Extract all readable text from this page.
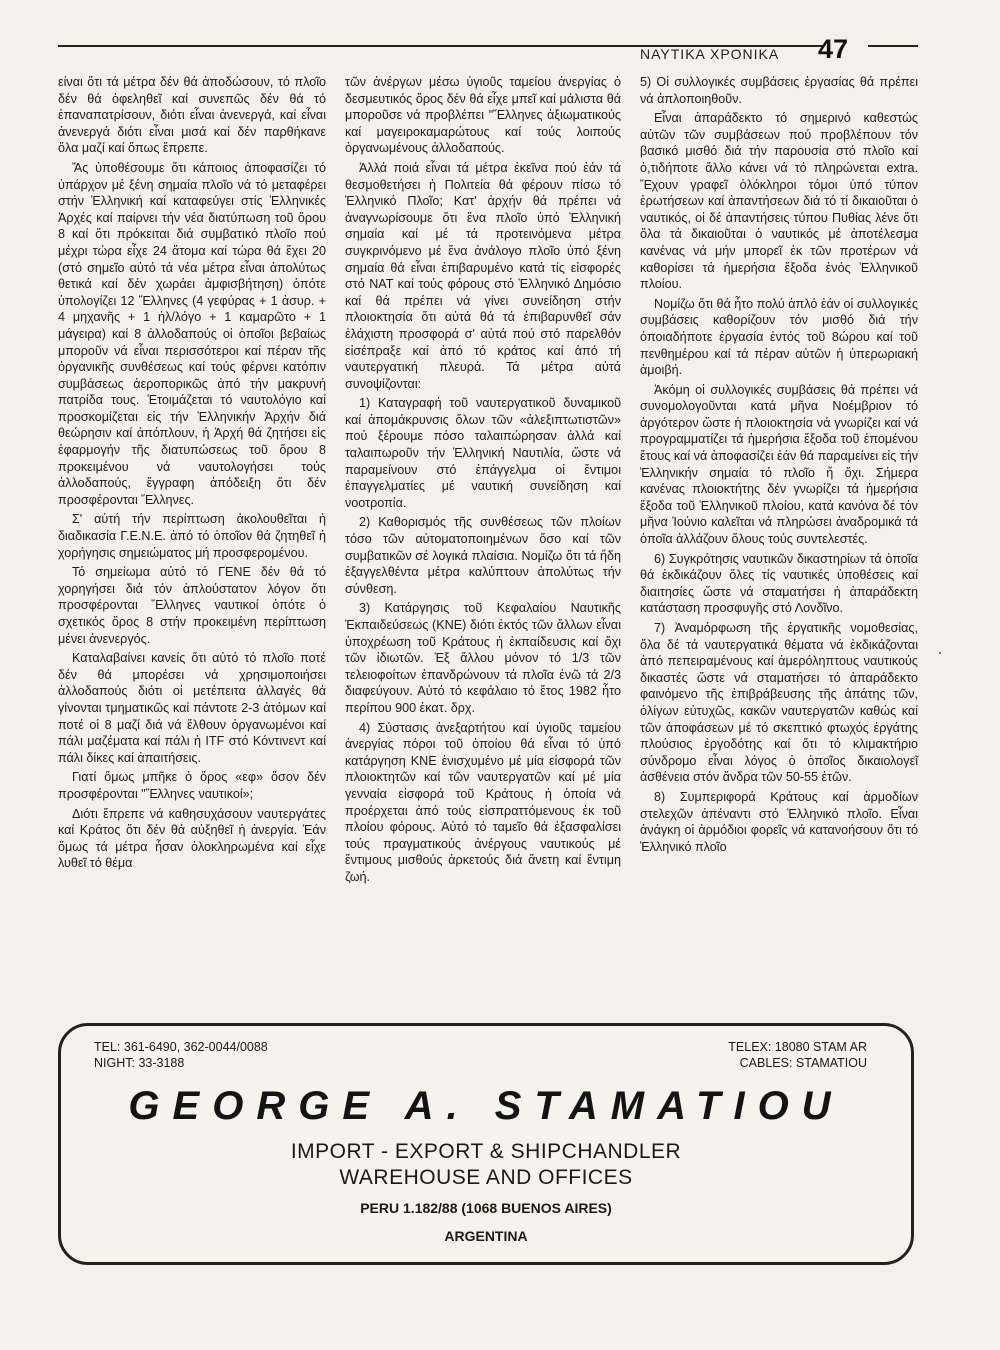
ΝΑΥΤΙΚΑ ΧΡΟΝΙΚΑ 47

είναι ὅτι τά μέτρα δέν θά ἀποδώσουν, τό πλοῖο δέν θά ὀφεληθεῖ καί συνεπῶς δέν θά τό ἐπαναπατρίσουν, διότι εἶναι ἀνενεργά, καί εἶναι ἀνενεργά διότι εἶναι μισά καί δέν παρθήκανε ὅλα μαζί καί ὅπως ἔπρεπε.

Ἄς ὑποθέσουμε ὅτι κάποιος ἀποφασίζει τό ὑπάρχον μέ ξένη σημαία πλοῖο νά τό μεταφέρει στήν Ἑλληνική καί καταφεύγει στίς Ἑλληνικές Ἀρχές καί παίρνει τήν νέα διατύπωση τοῦ ὅρου 8 καί ὅτι πρόκειται διά συμβατικό πλοῖο πού μέχρι τώρα εἶχε 24 ἄτομα καί τώρα θά ἔχει 20 (στό σημεῖο αὐτό τά νέα μέτρα εἶναι ἀπολύτως θετικά καί δέν χωράει ἀμφισβήτηση) ὁπότε ὑπολογίζει 12 Ἕλληνες (4 γεφύρας + 1 ἀσυρ. + 4 μηχανῆς + 1 ἠλ/λόγο + 1 καμαρῶτο + 1 μάγειρα) καί 8 ἀλλοδαπούς οἱ ὁποῖοι βεβαίως μποροῦν νά εἶναι περισσότεροι καί πέραν τῆς ὀργανικῆς συνθέσεως καί τούς φέρνει κατόπιν συμβάσεως ἀεροπορικῶς ἀπό τήν μακρυνή πατρίδα τους. Ἑτοιμάζεται τό ναυτολόγιο καί προσκομίζεται εἰς τήν Ἑλληνικήν Ἀρχήν διά θεώρησιν καί ἀπόπλουν, ἡ Ἀρχή θά ζητήσει εἰς ἐφαρμογήν τῆς διατυπώσεως τοῦ ὅρου 8 προκειμένου νά ναυτολογήσει τούς ἀλλοδαπούς, ἔγγραφη ἀπόδειξη ὅτι δέν προσφέρονται Ἕλληνες.

Σ' αὐτή τήν περίπτωση ἀκολουθεῖται ἡ διαδικασία Γ.Ε.Ν.Ε. ἀπό τό ὁποῖον θά ζητηθεῖ ἡ χορήγησις σημειώματος μή προσφερομένου.

Τό σημείωμα αὐτό τό ΓΕΝΕ δέν θά τό χορηγήσει διά τόν ἁπλούστατον λόγον ὅτι προσφέρονται Ἕλληνες ναυτικοί ὁπότε ὁ σχετικός ὅρος 8 στήν προκειμένη περίπτωση μένει ἀνενεργός.

Καταλαβαίνει κανείς ὅτι αὐτό τό πλοῖο ποτέ δέν θά μπορέσει νά χρησιμοποιήσει ἀλλοδαπούς διότι οἱ μετέπειτα ἀλλαγές θά γίνονται τμηματικῶς καί πάντοτε 2-3 ἀτόμων καί ποτέ οἱ 8 μαζί διά νά ἔλθουν ὀργανωμένοι καί πάλι μαζέματα καί πάλι ἡ ITF στό Κόντινεντ καί πάλι δίκες καί ἀπαιτήσεις.

Γιατί ὅμως μπῆκε ὁ ὅρος «εφ» ὅσον δέν προσφέρονται "Ἕλληνες ναυτικοί»;

Διότι ἔπρεπε νά καθησυχάσουν ναυτεργάτες καί Κράτος ὅτι δέν θά αὐξηθεῖ ἡ ἀνεργία. Ἐάν ὅμως τά μέτρα ἦσαν ὁλοκληρωμένα καί εἶχε λυθεῖ τό θέμα

τῶν ἀνέργων μέσω ὑγιοῦς ταμείου ἀνεργίας ὁ δεσμευτικός ὅρος δέν θά εἶχε μπεῖ καί μάλιστα θά μποροῦσε νά προβλέπει "Ἕλληνες ἀξιωματικούς καί μαγειροκαμαρώτους καί τούς λοιπούς ὀργανωμένους ἀλλοδαπούς.

Ἀλλά ποιά εἶναι τά μέτρα ἐκεῖνα πού ἐάν τά θεσμοθετήσει ἡ Πολιτεία θά φέρουν πίσω τό Ἑλληνικό Πλοῖο; Κατ' ἀρχήν θά πρέπει νά ἀναγνωρίσουμε ὅτι ἕνα πλοῖο ὑπό Ἑλληνική σημαία καί μέ τά προτεινόμενα μέτρα συγκρινόμενο μέ ἕνα ἀνάλογο πλοῖο ὑπό ξένη σημαία θά εἶναι ἐπιβαρυμένο κατά τίς εἰσφορές στό ΝΑΤ καί τούς φόρους στό Ἑλληνικό Δημόσιο καί θά πρέπει νά γίνει συνείδηση στήν πλοιοκτησία ὅτι αὐτά θά τά ἐπιβαρυνθεῖ σάν ἐλάχιστη προσφορά σ' αὐτά πού στό παρελθόν εἰσέπραξε καί ἀπό τό κράτος καί ἀπό τή ναυτεργατική πλευρά. Τά μέτρα αὐτά συνοψίζονται:

1) Καταγραφή τοῦ ναυτεργατικοῦ δυναμικοῦ καί ἀπομάκρυνσις ὅλων τῶν «ἀλεξιπτωτιστῶν» πού ξέρουμε πόσο ταλαιπώρησαν ἀλλά καί ταλαιπωροῦν τήν Ἑλληνική Ναυτιλία, ὥστε νά παραμείνουν στό ἐπάγγελμα οἱ ἔντιμοι ἐπαγγελματίες μέ ναυτική συνείδηση καί νοοτροπία.

2) Καθορισμός τῆς συνθέσεως τῶν πλοίων τόσο τῶν αὐτοματοποιημένων ὅσο καί τῶν συμβατικῶν σέ λογικά πλαίσια. Νομίζω ὅτι τά ἤδη ἐξαγγελθέντα μέτρα καλύπτουν ἀπολύτως τήν σύνθεση.

3) Κατάργησις τοῦ Κεφαλαίου Ναυτικῆς Ἐκπαιδεύσεως (ΚΝΕ) διότι ἐκτός τῶν ἄλλων εἶναι ὑποχρέωση τοῦ Κράτους ἡ ἐκπαίδευσις καί ὄχι τῶν ἰδιωτῶν. Ἐξ ἄλλου μόνον τό 1/3 τῶν τελειοφοίτων ἐπανδρώνουν τά πλοῖα ἐνῶ τά 2/3 διαφεύγουν. Αὐτό τό κεφάλαιο τό ἔτος 1982 ἦτο περίπου 900 ἑκατ. δρχ.

4) Σύστασις ἀνεξαρτήτου καί ὑγιοῦς ταμείου ἀνεργίας πόροι τοῦ ὁποίου θά εἶναι τό ὑπό κατάργηση ΚΝΕ ἐνισχυμένο μέ μία εἰσφορά τῶν πλοιοκτητῶν καί τῶν ναυτεργατῶν καί μέ μία γενναία εἰσφορά τοῦ Κράτους ἡ ὁποία νά προέρχεται ἀπό τούς εἰσπραττόμενους ἐκ τοῦ πλοίου φόρους. Αὐτό τό ταμεῖο θά ἐξασφαλίσει τούς πραγματικούς ἀνέργους ναυτικούς μέ ἔντιμους μισθούς ἀρκετούς διά ἄνετη καί ἔντιμη ζωή.

5) Οἱ συλλογικές συμβάσεις ἐργασίας θά πρέπει νά ἀπλοποιηθοῦν.

Εἶναι ἀπαράδεκτο τό σημερινό καθεστώς αὐτῶν τῶν συμβάσεων πού προβλέπουν τόν βασικό μισθό διά τήν παρουσία στό πλοῖο καί ὁ,τιδήποτε ἄλλο κάνει νά τό πληρώνεται extra. Ἔχουν γραφεῖ ὁλόκληροι τόμοι ὑπό τύπον ἐρωτήσεων καί ἀπαντήσεων διά τό τί δικαιοῦται ὁ ναυτικός, οἱ δέ ἀπαντήσεις τύπου Πυθίας λένε ὅτι ὅλα τά δικαιοῦται ὁ ναυτικός μέ ἀποτέλεσμα κανένας νά μήν μπορεῖ ἐκ τῶν προτέρων νά καθορίσει τά ἡμερήσια ἔξοδα ἑνός Ἑλληνικοῦ πλοίου.

Νομίζω ὅτι θά ἦτο πολύ ἁπλό ἐάν οἱ συλλογικές συμβάσεις καθορίζουν τόν μισθό διά τήν ὀποιαδήποτε ἐργασία ἐντός τοῦ 8ώρου καί τοῦ πενθημέρου καί τά πέραν αὐτῶν ἡ ὑπερωριακή ἀμοιβή.

Ἀκόμη οἱ συλλογικές συμβάσεις θά πρέπει νά συνομολογοῦνται κατά μῆνα Νοέμβριον τό ἀργότερον ὥστε ἡ πλοιοκτησία νά γνωρίζει καί νά προγραμματίζει τά ἡμερήσια ἔξοδα τοῦ ἑπομένου ἔτους καί νά ἀποφασίζει ἐάν θά παραμείνει εἰς τήν Ἑλληνικήν σημαία τό πλοῖο ἤ ὄχι. Σήμερα κανένας πλοιοκτήτης δέν γνωρίζει τά ἡμερήσια ἔξοδα τοῦ Ἑλληνικοῦ πλοίου, κατά κανόνα δέ τόν μῆνα Ἰούνιο καλεῖται νά πληρώσει ἀναδρομικά τά ὁποῖα ἀλλάζουν ὅλους τούς συντελεστές.

6) Συγκρότησις ναυτικῶν δικαστηρίων τά ὁποῖα θά ἐκδικάζουν ὅλες τίς ναυτικές ὑποθέσεις καί διαιτησίες ὥστε νά σταματήσει ἡ ἀπαράδεκτη κατάσταση προσφυγῆς στό Λονδῖνο.

7) Ἀναμόρφωση τῆς ἐργατικῆς νομοθεσίας, ὅλα δέ τά ναυτεργατικά θέματα νά ἐκδικάζονται ἀπό πεπειραμένους καί ἀμερόληπτους ναυτικούς δικαστές ὥστε νά σταματήσει τό ἀπαράδεκτο φαινόμενο τῆς ἐπιβράβευσης τῆς ἀπάτης τῶν, ὀλίγων εὐτυχῶς, κακῶν ναυτεργατῶν καθώς καί τῶν ἀποφάσεων μέ τό σκεπτικό φτωχός ἐργάτης πλούσιος ἐργοδότης καί ὅτι τό κλιμακτήριο σύνδρομο εἶναι λόγος ὁ ὁποῖος δικαιολογεῖ ἀσθένεια στόν ἄνδρα τῶν 50-55 ἐτῶν.

8) Συμπεριφορά Κράτους καί ἁρμοδίων στελεχῶν ἀπέναντι στό Ἑλληνικό πλοῖο. Εἶναι ἀνάγκη οἱ ἁρμόδιοι φορεῖς νά κατανοήσουν ὅτι τό Ἑλληνικό πλοῖο

TEL: 361-6490, 362-0044/0088
NIGHT: 33-3188
TELEX: 18080 STAM AR
CABLES: STAMATIOU
GEORGE A. STAMATIOU
IMPORT - EXPORT & SHIPCHANDLER
WAREHOUSE AND OFFICES
PERU 1.182/88 (1068 BUENOS AIRES)
ARGENTINA
